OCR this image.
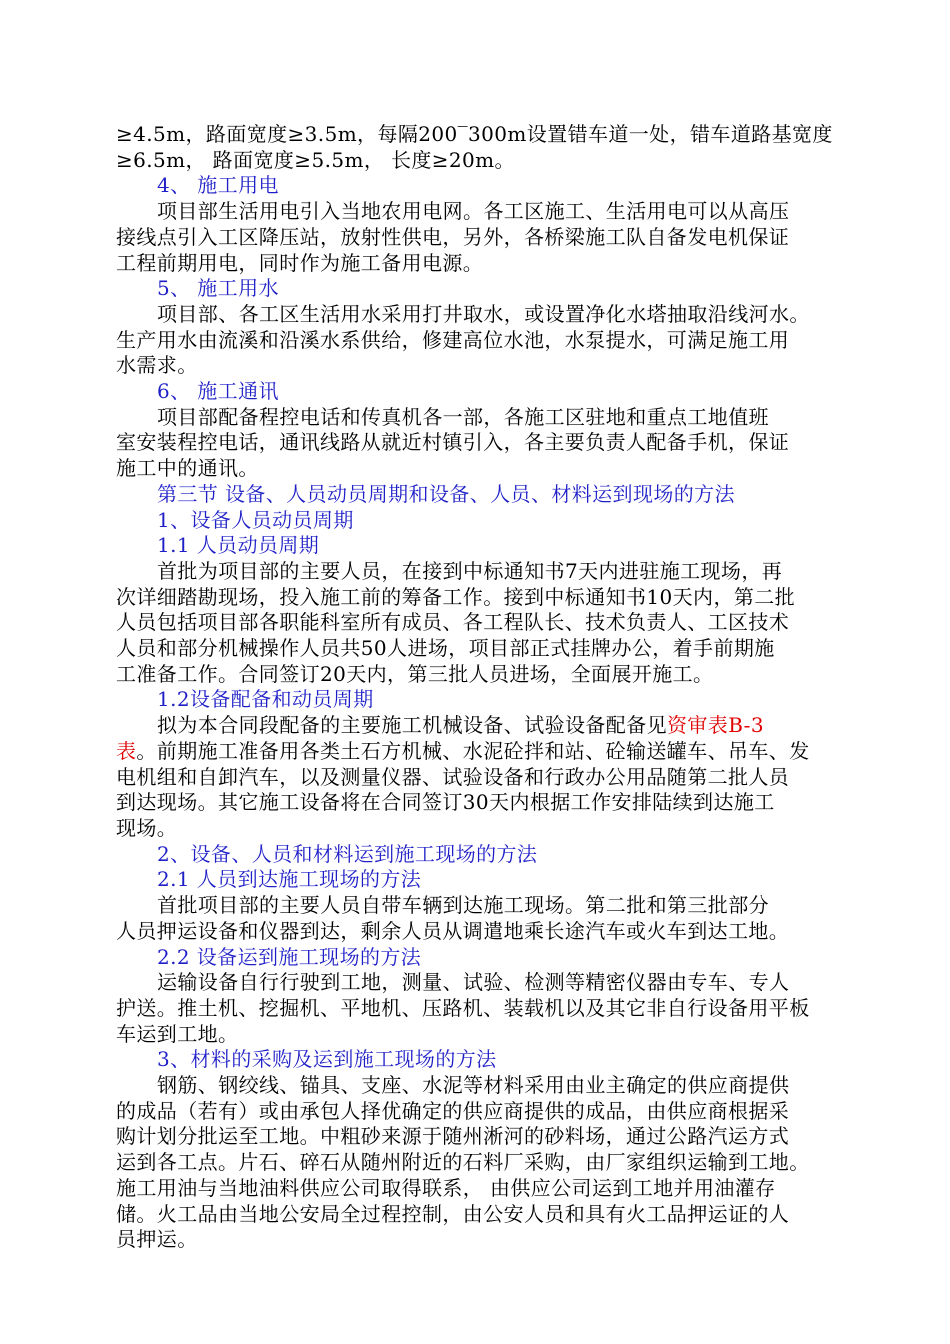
≥4.5m，路面宽度≥3.5m，每隔200‾300m设置错车道一处，错车道路基宽度
≥6.5m， 路面宽度≥5.5m， 长度≥20m。
4、 施工用电
项目部生活用电引入当地农用电网。各工区施工、生活用电可以从高压
接线点引入工区降压站，放射性供电，另外，各桥梁施工队自备发电机保证
工程前期用电，同时作为施工备用电源。
5、 施工用水
项目部、各工区生活用水采用打井取水，或设置净化水塔抽取沿线河水。
生产用水由流溪和沿溪水系供给，修建高位水池，水泵提水，可满足施工用
水需求。
6、 施工通讯
项目部配备程控电话和传真机各一部，各施工区驻地和重点工地值班
室安装程控电话，通讯线路从就近村镇引入，各主要负责人配备手机，保证
施工中的通讯。
第三节 设备、人员动员周期和设备、人员、材料运到现场的方法
1、设备人员动员周期
1.1 人员动员周期
首批为项目部的主要人员，在接到中标通知书7天内进驻施工现场，再
次详细踏勘现场，投入施工前的筹备工作。接到中标通知书10天内，第二批
人员包括项目部各职能科室所有成员、各工程队长、技术负责人、工区技术
人员和部分机械操作人员共50人进场，项目部正式挂牌办公，着手前期施
工准备工作。合同签订20天内，第三批人员进场，全面展开施工。
1.2设备配备和动员周期
拟为本合同段配备的主要施工机械设备、试验设备配备见资审表B-3
表。前期施工准备用各类土石方机械、水泥砼拌和站、砼输送罐车、吊车、发
电机组和自卸汽车，以及测量仪器、试验设备和行政办公用品随第二批人员
到达现场。其它施工设备将在合同签订30天内根据工作安排陆续到达施工
现场。
2、设备、人员和材料运到施工现场的方法
2.1 人员到达施工现场的方法
首批项目部的主要人员自带车辆到达施工现场。第二批和第三批部分
人员押运设备和仪器到达，剩余人员从调遣地乘长途汽车或火车到达工地。
2.2 设备运到施工现场的方法
运输设备自行行驶到工地，测量、试验、检测等精密仪器由专车、专人
护送。推土机、挖掘机、平地机、压路机、装载机以及其它非自行设备用平板
车运到工地。
3、材料的采购及运到施工现场的方法
钢筋、钢绞线、锚具、支座、水泥等材料采用由业主确定的供应商提供
的成品（若有）或由承包人择优确定的供应商提供的成品，由供应商根据采
购计划分批运至工地。中粗砂来源于随州淅河的砂料场，通过公路汽运方式
运到各工点。片石、碎石从随州附近的石料厂采购，由厂家组织运输到工地。
施工用油与当地油料供应公司取得联系， 由供应公司运到工地并用油灌存
储。火工品由当地公安局全过程控制，由公安人员和具有火工品押运证的人
员押运。
